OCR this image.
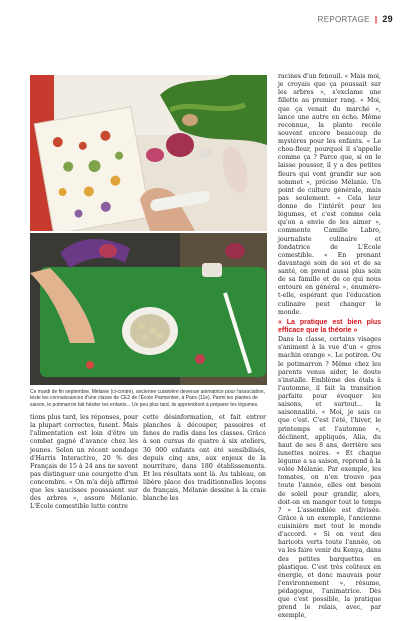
REPORTAGE | 29
Ce mardi de fin septembre, Mélanie (ci-contre), ancienne cuisinière devenue animatrice pour l'association, teste les connaissances d'une classe de CE2 de l'École Parmentier, à Paris (11e). Parmi les plantes de saison, le potimarron fait hésiter les enfants... Un peu plus tard, ils apprendront à préparer les légumes.

tions plus tard, les réponses, pour la plupart correctes, fusent. Mais l'alimentation est loin d'être un combat gagné d'avance chez les jeunes. Selon un récent sondage d'Harris Interactive, 20 % des Français de 15 à 24 ans ne savent pas distinguer une courgette d'un concombre. « On m'a déjà affirmé que les saucisses poussaient sur des arbres », assure Mélanie. L'École comestible lutte contre

cette désinformation, et fait entrer planches à découper, passoires et fanes de radis dans les classes. Grâce à son cursus de quatre à six ateliers, 30 000 enfants ont été sensibilisés, depuis cinq ans, aux enjeux de la nourriture, dans 180 établissements. Et les résultats sont là. Au tableau, on libère place des traditionnelles leçons de français, Mélanie dessine à la craie blanche les

racines d'un fenouil. « Mais moi, je croyais que ça poussait sur les arbres », s'exclame une fillette au premier rang. « Moi, que ça venait du marché », lance une autre en écho. Même reconnue, la plante recèle souvent encore beaucoup de mystères pour les enfants. « Le chou-fleur, pourquoi il s'appelle comme ça ? Parce que, si on le laisse pousser, il y a des petites fleurs qui vont grandir sur son sommet », précise Mélanie. Un point de culture générale, mais pas seulement. « Cela leur donne de l'intérêt pour les légumes, et c'est comme cela qu'on a envie de les aimer », commente Camille Labro, journaliste culinaire et fondatrice de L'École comestible. « En prenant davantage soin de soi et de sa santé, on prend aussi plus soin de sa famille et de ce qui nous entoure en général », énumère-t-elle, espérant que l'éducation culinaire peut changer le monde.

« La pratique est bien plus efficace que la théorie »

Dans la classe, certains visages s'animent à la vue d'un « gros machin orange ». Le potiron. Ou le potimarron ? Même chez les parents venus aider, le doute s'installe. Emblème des étals à l'automne, il fait la transition parfaite pour évoquer les saisons, et surtout... la saisonnalité. « Moi, je sais ce que c'est. C'est l'été, l'hiver, le printemps et l'automne », déclinent, appliqués, Alia, du haut de ses 8 ans, derrière ses lunettes noires. « Et chaque légume a sa saison, reprend à la volée Mélanie. Par exemple, les tomates, on n'en trouve pas toute l'année, elles ont besoin de soleil pour grandir, alors, doit-on en manger tout le temps ? » L'assemblée est divisée. Grâce à un exemple, l'ancienne cuisinière met tout le monde d'accord. « Si on veut des haricots verts toute l'année, on va les faire venir du Kenya, dans des petites barquettes en plastique. C'est très coûteux en énergie, et donc mauvais pour l'environnement », résume, pédagogue, l'animatrice. Dès que c'est possible, la pratique prend le relais, avec, par exemple,
